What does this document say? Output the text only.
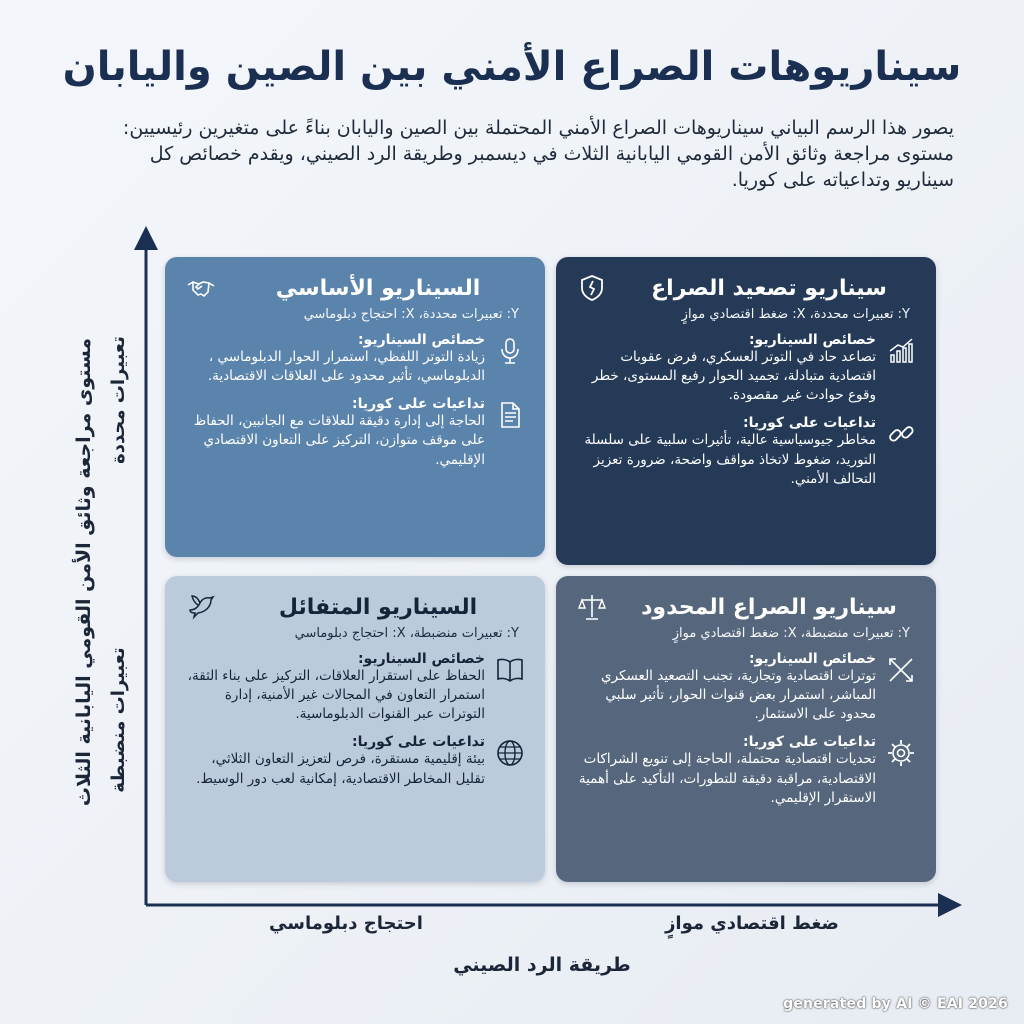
سيناريوهات الصراع الأمني بين الصين واليابان

يصور هذا الرسم البياني سيناريوهات الصراع الأمني المحتملة بين الصين واليابان بناءً على متغيرين رئيسيين: مستوى مراجعة وثائق الأمن القومي اليابانية الثلاث في ديسمبر وطريقة الرد الصيني، ويقدم خصائص كل سيناريو وتداعياته على كوريا.

مستوى مراجعة وثائق الأمن القومي اليابانية الثلاث تعبيرات محددة
تعبيرات منضبطة
احتجاج دبلوماسي	ضغط اقتصادي موازٍ
طريقة الرد الصيني
سيناريو تصعيد الصراع

Y: تعبيرات محددة، X: ضغط اقتصادي موازٍ

خصائص السيناريو:

تصاعد حاد في التوتر العسكري، فرض عقوبات اقتصادية متبادلة، تجميد الحوار رفيع المستوى، خطر وقوع حوادث غير مقصودة.

تداعيات على كوريا:

مخاطر جيوسياسية عالية، تأثيرات سلبية على سلسلة التوريد، ضغوط لاتخاذ مواقف واضحة، ضرورة تعزيز التحالف الأمني.

السيناريو الأساسي

Y: تعبيرات محددة، X: احتجاج دبلوماسي

خصائص السيناريو:

زيادة التوتر اللفظي، استمرار الحوار الدبلوماسي ، الدبلوماسي، تأثير محدود على العلاقات الاقتصادية.

تداعيات على كوريا:

الحاجة إلى إدارة دقيقة للعلاقات مع الجانبين، الحفاظ على موقف متوازن، التركيز على التعاون الاقتصادي الإقليمي.

سيناريو الصراع المحدود

Y: تعبيرات منضبطة، X: ضغط اقتصادي موازٍ

خصائص السيناريو:

توترات اقتصادية وتجارية، تجنب التصعيد العسكري المباشر، استمرار بعض قنوات الحوار، تأثير سلبي محدود على الاستثمار.

تداعيات على كوريا:

تحديات اقتصادية محتملة، الحاجة إلى تنويع الشراكات الاقتصادية، مراقبة دقيقة للتطورات، التأكيد على أهمية الاستقرار الإقليمي.

السيناريو المتفائل

Y: تعبيرات منضبطة، X: احتجاج دبلوماسي

خصائص السيناريو:

الحفاظ على استقرار العلاقات، التركيز على بناء الثقة، استمرار التعاون في المجالات غير الأمنية، إدارة التوترات عبر القنوات الدبلوماسية.

تداعيات على كوريا:

بيئة إقليمية مستقرة، فرص لتعزيز التعاون الثلاثي، تقليل المخاطر الاقتصادية، إمكانية لعب دور الوسيط.

generated by AI © EAI 2026
